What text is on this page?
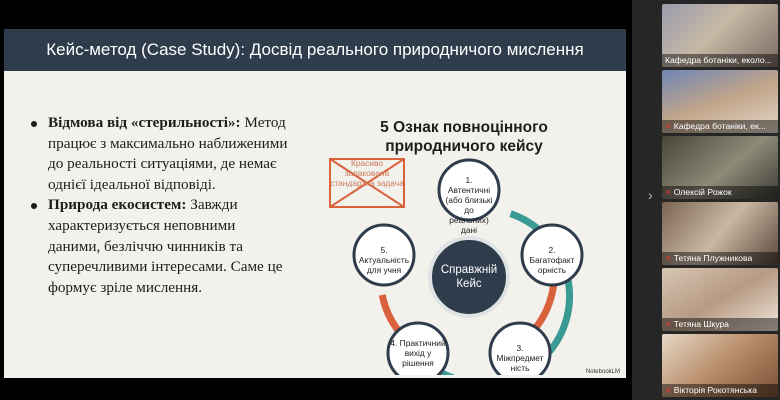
Кейс-метод (Case Study): Досвід реального природничого мислення
Відмова від «стерильності»: Метод працює з максимально наближеними до реальності ситуаціями, де немає однієї ідеальної відповіді.
Природа екосистем: Завжди характеризується неповними даними, безліччю чинників та суперечливими інтересами. Саме це формує зріле мислення.
5 Ознак повноцінного природничого кейсу
Красиво запакована стандартна задача
Справжній Кейс
1. Автентичні (або близькі до реальних) дані
2. Багатофакт орність
3. Міжпредмет ність
4. Практичний вихід у рішення
5. Актуальність для учня
NotebookLM
Кафедра ботаніки, еколо...
✕ Кафедра ботаніки, ек...
✕ Олексій Рожок
✕ Тетяна Плужникова
✕ Тетяна Шкура
✕ Вікторія Рокотянська
›
